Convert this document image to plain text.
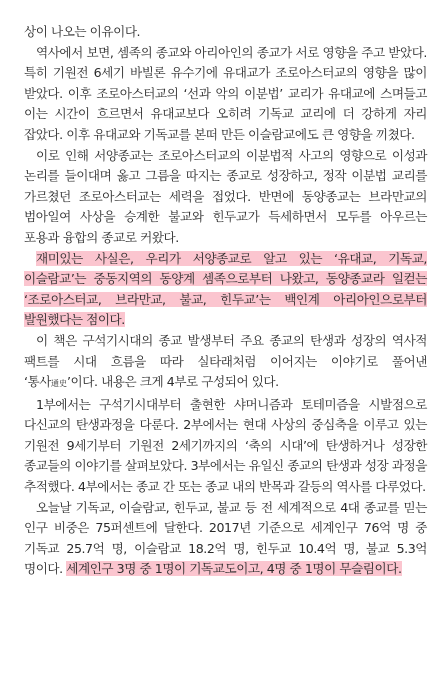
상이 나오는 이유이다.

역사에서 보면, 셈족의 종교와 아리아인의 종교가 서로 영향을 주고 받았다. 특히 기원전 6세기 바빌론 유수기에 유대교가 조로아스터교의 영향을 많이 받았다. 이후 조로아스터교의 ‘선과 악의 이분법’ 교리가 유대교에 스며들고 이는 시간이 흐르면서 유대교보다 오히려 기독교 교리에 더 강하게 자리 잡았다. 이후 유대교와 기독교를 본떠 만든 이슬람교에도 큰 영향을 끼쳤다.

이로 인해 서양종교는 조로아스터교의 이분법적 사고의 영향으로 이성과 논리를 들이대며 옳고 그름을 따지는 종교로 성장하고, 정작 이분법 교리를 가르쳤던 조로아스터교는 세력을 접었다. 반면에 동양종교는 브라만교의 범아일여 사상을 승계한 불교와 힌두교가 득세하면서 모두를 아우르는 포용과 융합의 종교로 커왔다.

재미있는 사실은, 우리가 서양종교로 알고 있는 ‘유대교, 기독교, 이슬람교’는 중동지역의 동양계 셈족으로부터 나왔고, 동양종교라 일컫는 ‘조로아스터교, 브라만교, 불교, 힌두교’는 백인계 아리아인으로부터 발원했다는 점이다.

이 책은 구석기시대의 종교 발생부터 주요 종교의 탄생과 성장의 역사적 팩트를 시대 흐름을 따라 실타래처럼 이어지는 이야기로 풀어낸 ‘통사通史’이다. 내용은 크게 4부로 구성되어 있다.

1부에서는 구석기시대부터 출현한 샤머니즘과 토테미즘을 시발점으로 다신교의 탄생과정을 다룬다. 2부에서는 현대 사상의 중심축을 이루고 있는 기원전 9세기부터 기원전 2세기까지의 ‘축의 시대’에 탄생하거나 성장한 종교들의 이야기를 살펴보았다. 3부에서는 유일신 종교의 탄생과 성장 과정을 추적했다. 4부에서는 종교 간 또는 종교 내의 반목과 갈등의 역사를 다루었다.

오늘날 기독교, 이슬람교, 힌두교, 불교 등 전 세계적으로 4대 종교를 믿는 인구 비중은 75퍼센트에 달한다. 2017년 기준으로 세계인구 76억 명 중 기독교 25.7억 명, 이슬람교 18.2억 명, 힌두교 10.4억 명, 불교 5.3억 명이다. 세계인구 3명 중 1명이 기독교도이고, 4명 중 1명이 무슬림이다.
